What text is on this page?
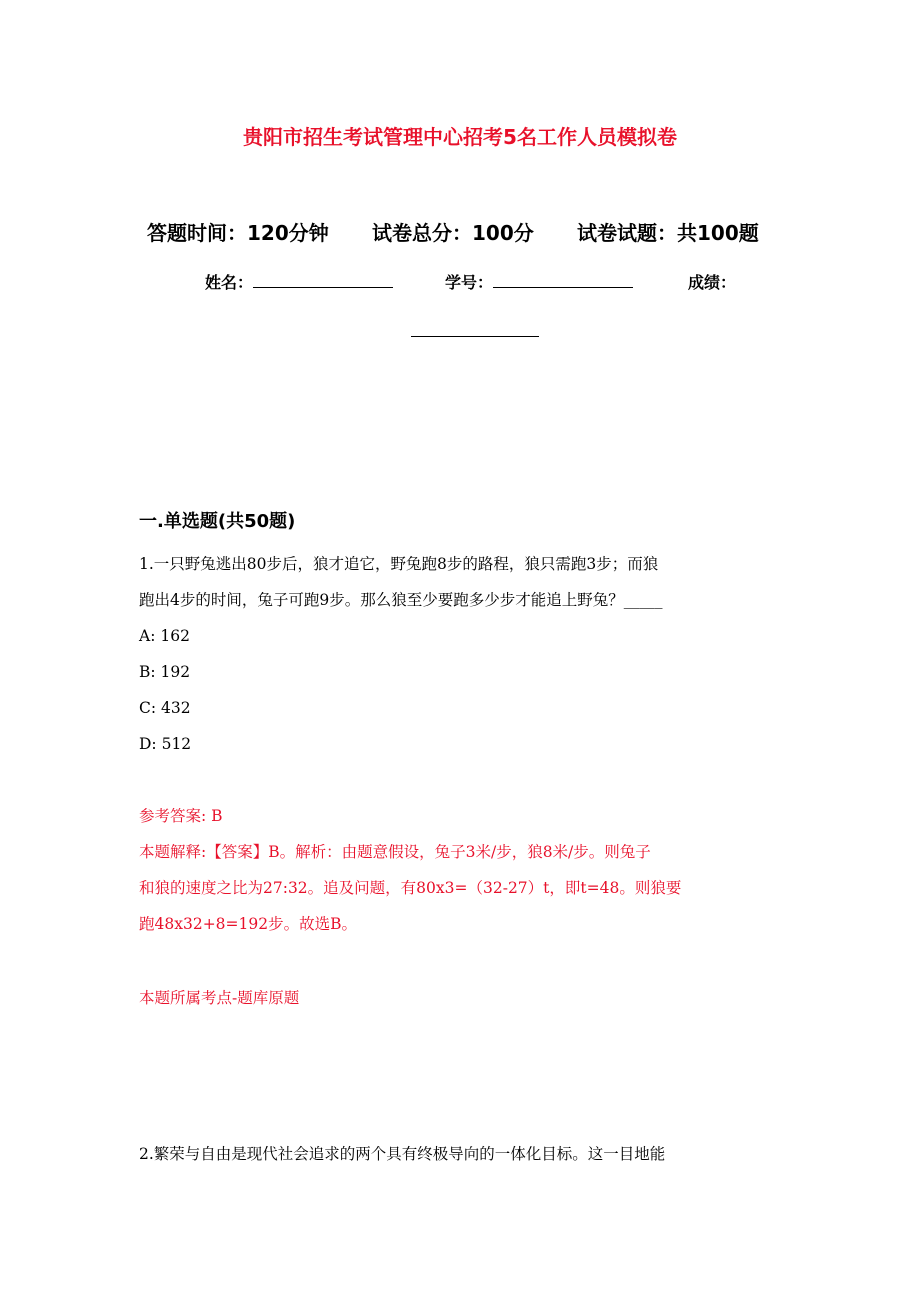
贵阳市招生考试管理中心招考5名工作人员模拟卷
答题时间：120分钟 试卷总分：100分 试卷试题：共100题
姓名：	学号：	成绩：
一.单选题(共50题)
1.一只野兔逃出80步后，狼才追它，野兔跑8步的路程，狼只需跑3步；而狼
跑出4步的时间，兔子可跑9步。那么狼至少要跑多少步才能追上野兔？_____
A: 162
B: 192
C: 432
D: 512
参考答案: B
本题解释:【答案】B。解析：由题意假设，兔子3米/步，狼8米/步。则兔子
和狼的速度之比为27:32。追及问题，有80x3=（32-27）t，即t=48。则狼要
跑48x32+8=192步。故选B。
本题所属考点-题库原题
2.繁荣与自由是现代社会追求的两个具有终极导向的一体化目标。这一目地能
